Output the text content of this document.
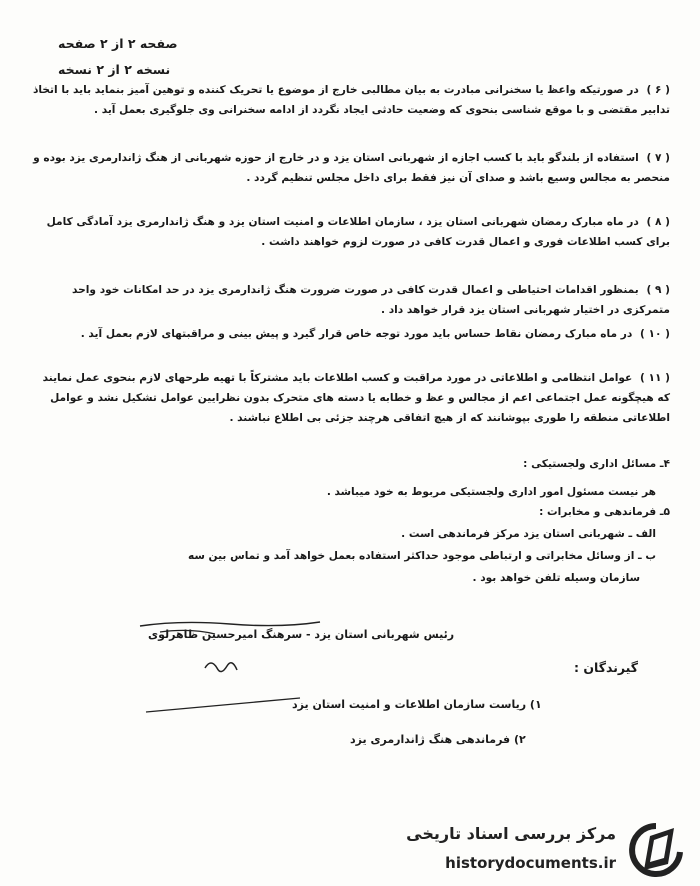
صفحه ۲ از ۲ صفحه
نسخه ۲ از ۲ نسخه
( ۶ ) در صورتیکه واعظ یا سخنرانی مبادرت به بیان مطالبی خارج از موضوع یا تحریک کننده و توهین آمیز بنماید باید با اتخاذ تدابیر مقتضی و با موقع شناسی بنحوی که وضعیت حادثی ایجاد نگردد از ادامه سخنرانی وی جلوگیری بعمل آید .
( ۷ ) استفاده از بلندگو باید با کسب اجازه از شهربانی استان یزد و در خارج از حوزه شهربانی از هنگ ژاندارمری یزد بوده و منحصر به مجالس وسیع باشد و صدای آن نیز فقط برای داخل مجلس تنظیم گردد .
( ۸ ) در ماه مبارک رمضان شهربانی استان یزد ، سازمان اطلاعات و امنیت استان یزد و هنگ ژاندارمری یزد آمادگی کامل برای کسب اطلاعات فوری و اعمال قدرت کافی در صورت لزوم خواهند داشت .
( ۹ ) بمنظور اقدامات احتیاطی و اعمال قدرت کافی در صورت ضرورت هنگ ژاندارمری یزد در حد امکانات خود واحد متمرکزی در اختیار شهربانی استان یزد قرار خواهد داد .
( ۱۰ ) در ماه مبارک رمضان نقاط حساس باید مورد توجه خاص قرار گیرد و پیش بینی و مراقبتهای لازم بعمل آید .
( ۱۱ ) عوامل انتظامی و اطلاعاتی در مورد مراقبت و کسب اطلاعات باید مشترکاً با تهیه طرحهای لازم بنحوی عمل نمایند که هیچگونه عمل اجتماعی اعم از مجالس و عظ و خطابه یا دسته های متحرک بدون نظرایین عوامل تشکیل نشد و عوامل اطلاعاتی منطقه را طوری بپوشانند که از هیچ اتفاقی هرچند جزئی بی اطلاع نباشند .
۴ـ مسائل اداری ولجستیکی :
هر نیست مسئول امور اداری ولجستیکی مربوط به خود میباشد .
۵ـ فرماندهی و مخابرات :
الف ـ شهربانی استان یزد مرکز فرماندهی است .
ب ـ از وسائل مخابراتی و ارتباطی موجود حداکثر استفاده بعمل خواهد آمد و تماس بین سه
سازمان وسیله تلفن خواهد بود .
رئیس شهربانی استان یزد - سرهنگ امیرحسین ظاهرلوی
گیرندگان :
۱) ریاست سازمان اطلاعات و امنیت استان یزد
۲) فرماندهی هنگ ژاندارمری یزد
مرکز بررسی اسناد تاریخی
historydocuments.ir
